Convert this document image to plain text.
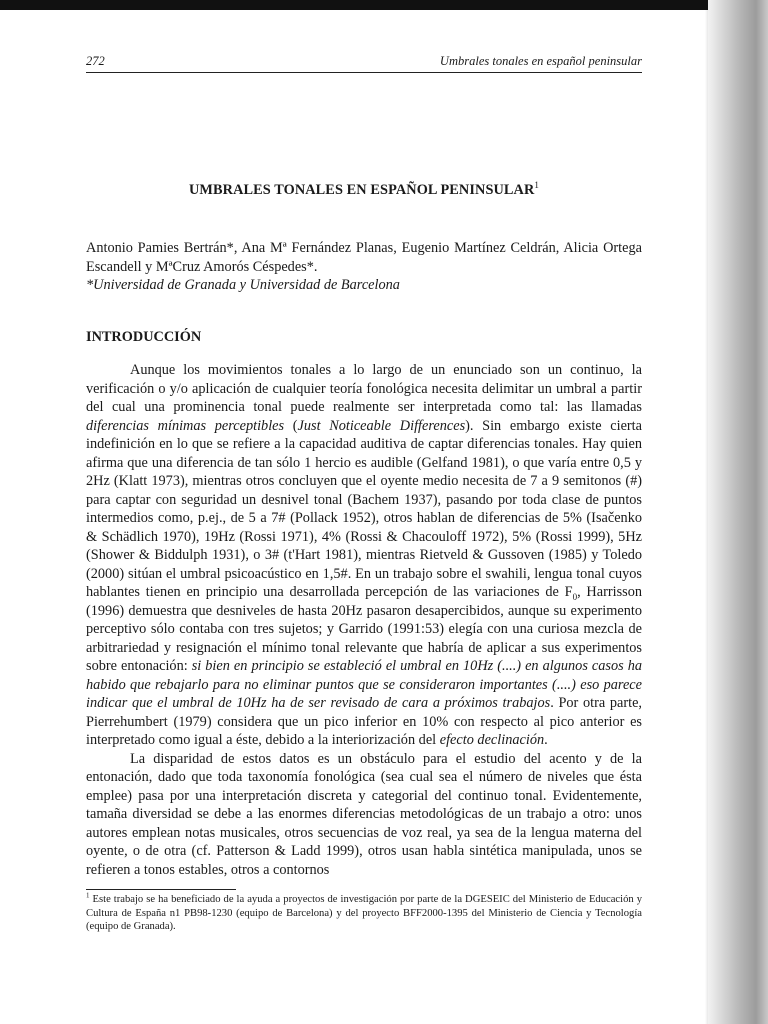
272	Umbrales tonales en español peninsular
UMBRALES TONALES EN ESPAÑOL PENINSULAR$^1$
Antonio Pamies Bertrán*, Ana Mª Fernández Planas, Eugenio Martínez Celdrán, Alicia Ortega Escandell y MªCruz Amorós Céspedes*.
*Universidad de Granada y Universidad de Barcelona
INTRODUCCIÓN

Aunque los movimientos tonales a lo largo de un enunciado son un continuo, la verificación o y/o aplicación de cualquier teoría fonológica necesita delimitar un umbral a partir del cual una prominencia tonal puede realmente ser interpretada como tal: las llamadas diferencias mínimas perceptibles (Just Noticeable Differences). Sin embargo existe cierta indefinición en lo que se refiere a la capacidad auditiva de captar diferencias tonales. Hay quien afirma que una diferencia de tan sólo 1 hercio es audible (Gelfand 1981), o que varía entre 0,5 y 2Hz (Klatt 1973), mientras otros concluyen que el oyente medio necesita de 7 a 9 semitonos (#) para captar con seguridad un desnivel tonal (Bachem 1937), pasando por toda clase de puntos intermedios como, p.ej., de 5 a 7# (Pollack 1952), otros hablan de diferencias de 5% (Isačenko & Schädlich 1970), 19Hz (Rossi 1971), 4% (Rossi & Chacouloff 1972), 5% (Rossi 1999), 5Hz (Shower & Biddulph 1931), o 3# (t'Hart 1981), mientras Rietveld & Gussoven (1985) y Toledo (2000) sitúan el umbral psicoacústico en 1,5#. En un trabajo sobre el swahili, lengua tonal cuyos hablantes tienen en principio una desarrollada percepción de las variaciones de $F_0$, Harrisson (1996) demuestra que desniveles de hasta 20Hz pasaron desapercibidos, aunque su experimento perceptivo sólo contaba con tres sujetos; y Garrido (1991:53) elegía con una curiosa mezcla de arbitrariedad y resignación el mínimo tonal relevante que habría de aplicar a sus experimentos sobre entonación: si bien en principio se estableció el umbral en 10Hz (....) en algunos casos ha habido que rebajarlo para no eliminar puntos que se consideraron importantes (....) eso parece indicar que el umbral de 10Hz ha de ser revisado de cara a próximos trabajos. Por otra parte, Pierrehumbert (1979) considera que un pico inferior en 10% con respecto al pico anterior es interpretado como igual a éste, debido a la interiorización del efecto declinación.

La disparidad de estos datos es un obstáculo para el estudio del acento y de la entonación, dado que toda taxonomía fonológica (sea cual sea el número de niveles que ésta emplee) pasa por una interpretación discreta y categorial del continuo tonal. Evidentemente, tamaña diversidad se debe a las enormes diferencias metodológicas de un trabajo a otro: unos autores emplean notas musicales, otros secuencias de voz real, ya sea de la lengua materna del oyente, o de otra (cf. Patterson & Ladd 1999), otros usan habla sintética manipulada, unos se refieren a tonos estables, otros a contornos

$^1$ Este trabajo se ha beneficiado de la ayuda a proyectos de investigación por parte de la DGESEIC del Ministerio de Educación y Cultura de España n1 PB98-1230 (equipo de Barcelona) y del proyecto BFF2000-1395 del Ministerio de Ciencia y Tecnología (equipo de Granada).
